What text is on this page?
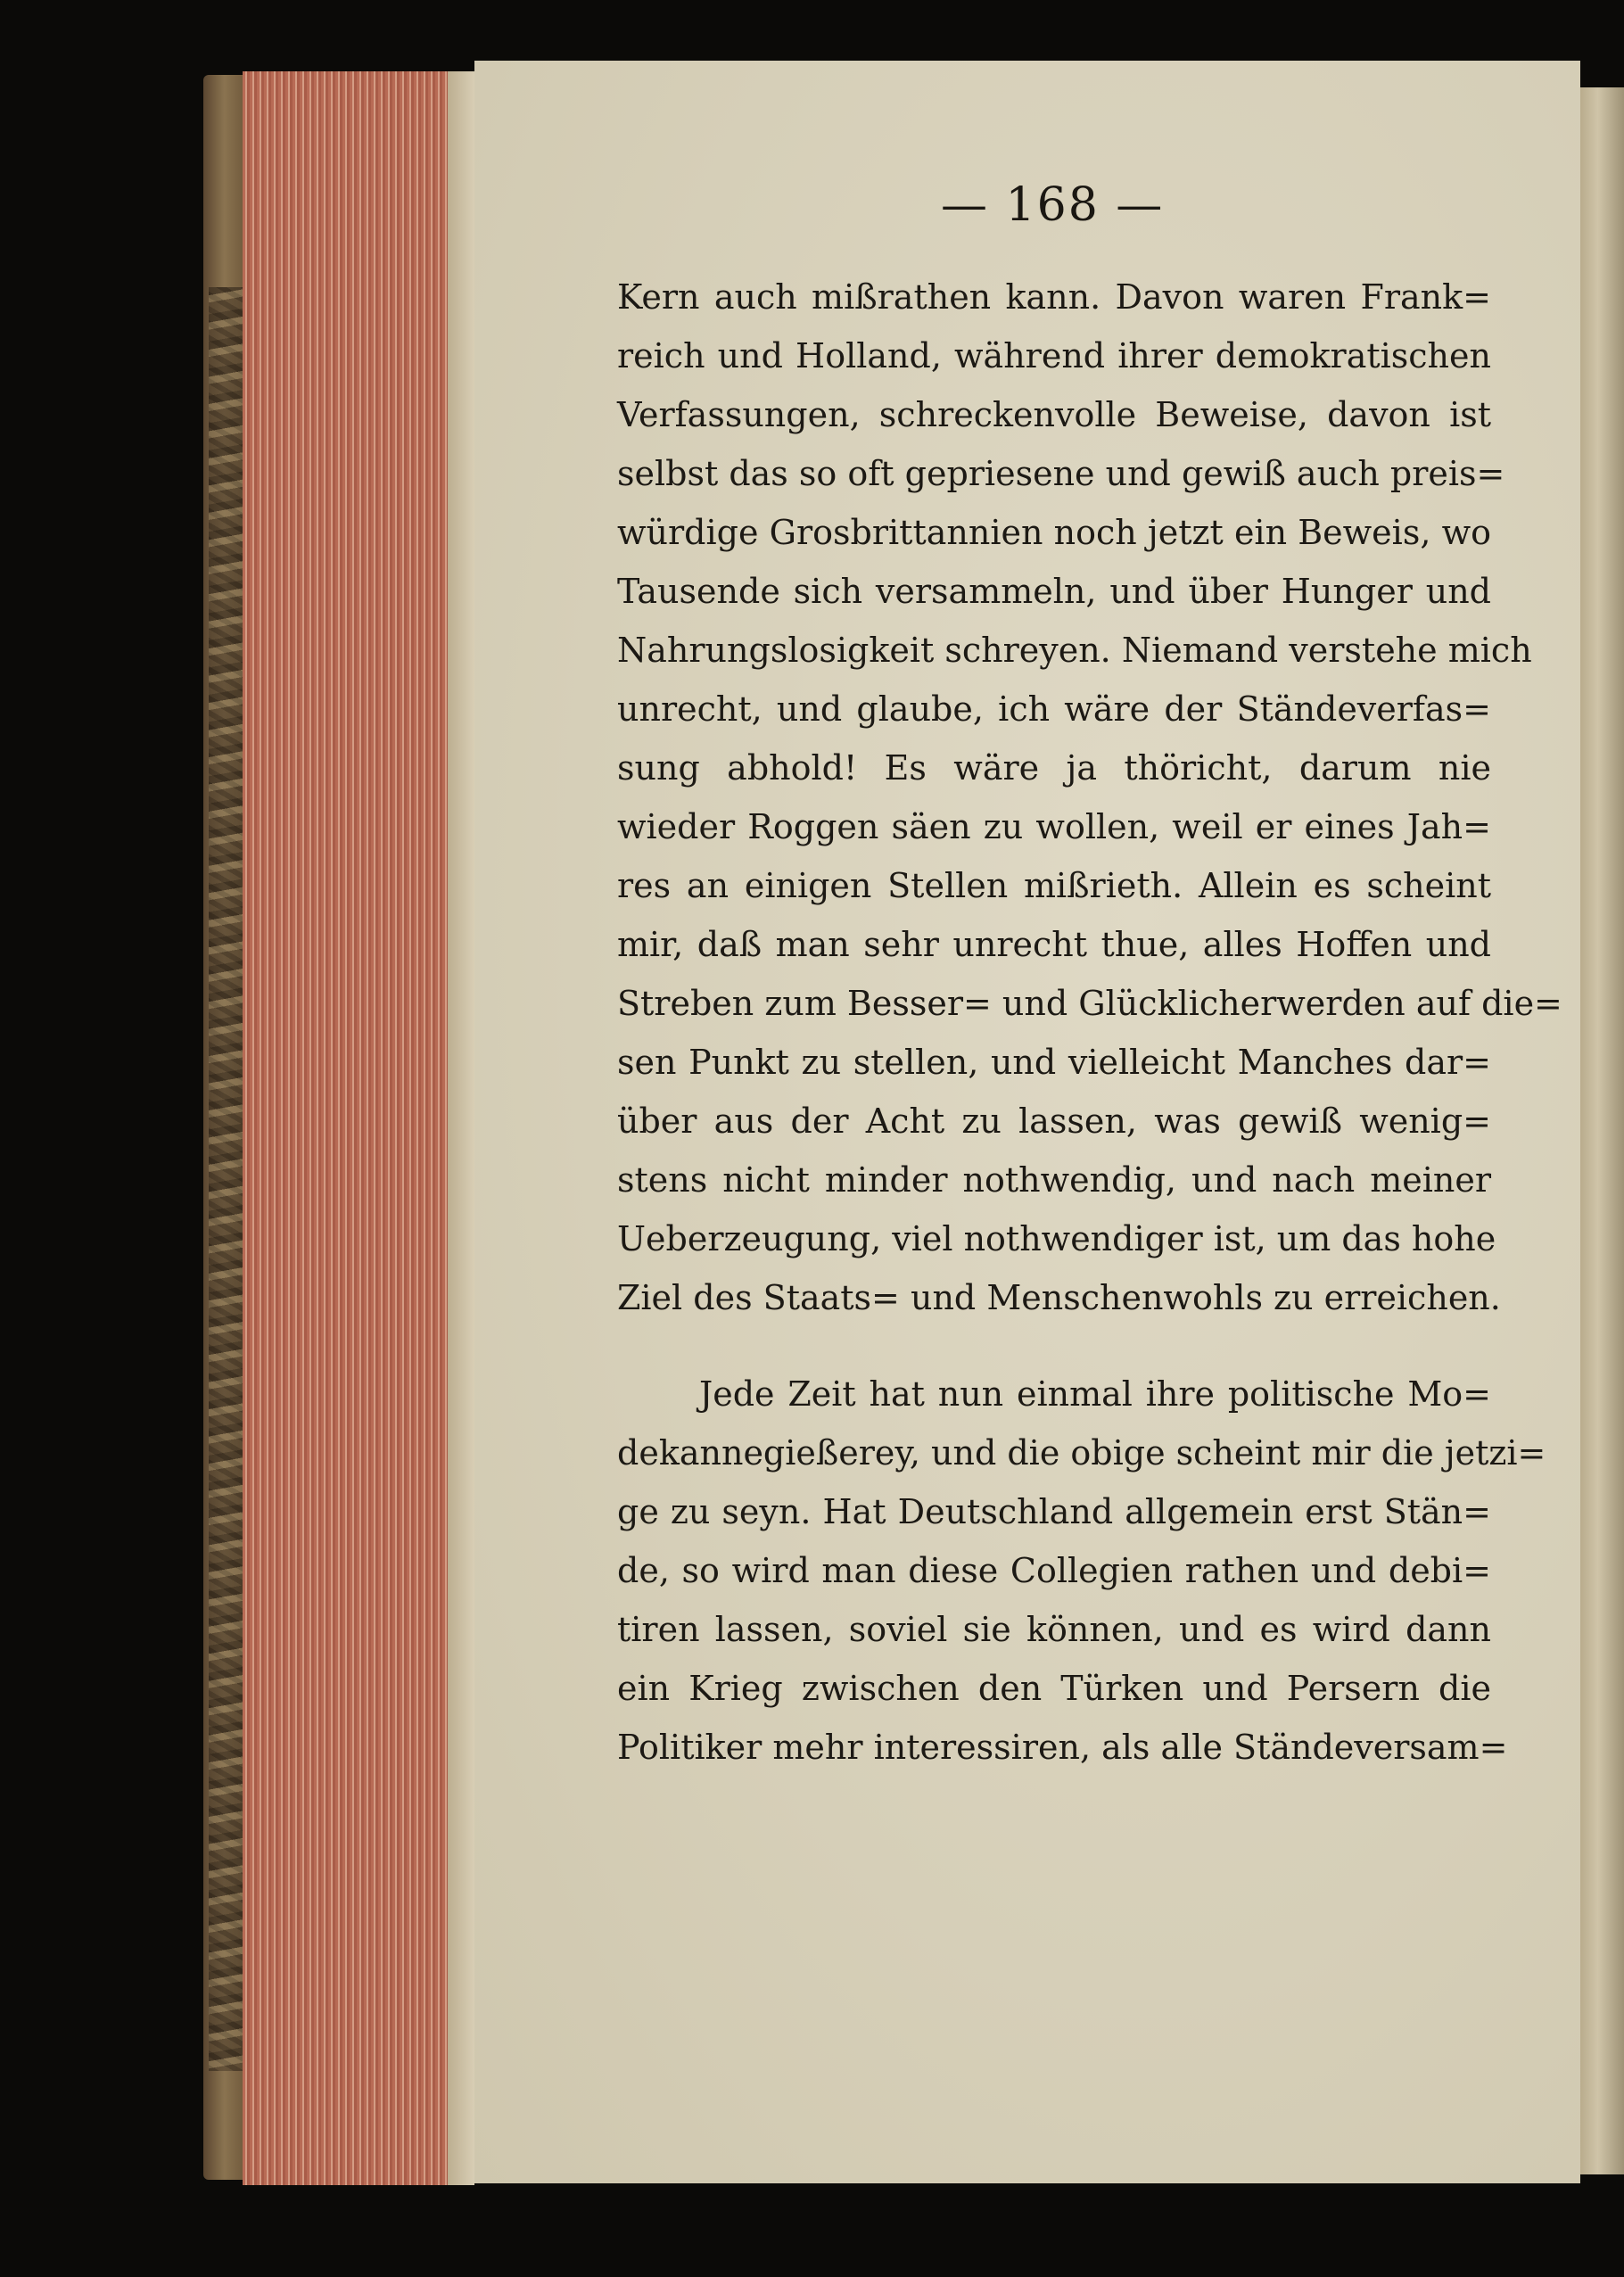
— 168 —
Kern auch mißrathen kann. Davon waren Frank=
reich und Holland, während ihrer demokratischen
Verfassungen, schreckenvolle Beweise, davon ist
selbst das so oft gepriesene und gewiß auch preis=
würdige Grosbrittannien noch jetzt ein Beweis, wo
Tausende sich versammeln, und über Hunger und
Nahrungslosigkeit schreyen. Niemand verstehe mich
unrecht, und glaube, ich wäre der Ständeverfas=
sung abhold! Es wäre ja thöricht, darum nie
wieder Roggen säen zu wollen, weil er eines Jah=
res an einigen Stellen mißrieth. Allein es scheint
mir, daß man sehr unrecht thue, alles Hoffen und
Streben zum Besser= und Glücklicherwerden auf die=
sen Punkt zu stellen, und vielleicht Manches dar=
über aus der Acht zu lassen, was gewiß wenig=
stens nicht minder nothwendig, und nach meiner
Ueberzeugung, viel nothwendiger ist, um das hohe
Ziel des Staats= und Menschenwohls zu erreichen.
Jede Zeit hat nun einmal ihre politische Mo=
dekannegießerey, und die obige scheint mir die jetzi=
ge zu seyn. Hat Deutschland allgemein erst Stän=
de, so wird man diese Collegien rathen und debi=
tiren lassen, soviel sie können, und es wird dann
ein Krieg zwischen den Türken und Persern die
Politiker mehr interessiren, als alle Ständeversam=
